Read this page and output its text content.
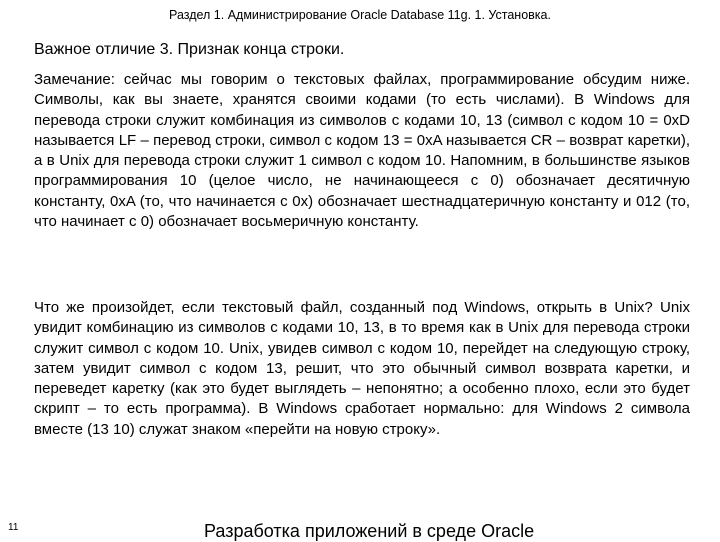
Раздел 1. Администрирование Oracle Database 11g. 1. Установка.
Важное отличие 3. Признак конца строки.
Замечание: сейчас мы говорим о текстовых файлах, программирование обсудим ниже. Символы, как вы знаете, хранятся своими кодами (то есть числами). В Windows для перевода строки служит комбинация из символов с кодами 10, 13 (символ с кодом 10 = 0xD называется LF – перевод строки, символ с кодом 13 = 0xA называется CR – возврат каретки), а в Unix для перевода строки служит 1 символ с кодом 10. Напомним, в большинстве языков программирования 10 (целое число, не начинающееся с 0) обозначает десятичную константу, 0xA (то, что начинается с 0x) обозначает шестнадцатеричную константу и 012 (то, что начинает с 0) обозначает восьмеричную константу.
Что же произойдет, если текстовый файл, созданный под Windows, открыть в Unix? Unix увидит комбинацию из символов с кодами 10, 13, в то время как в Unix для перевода строки служит символ с кодом 10. Unix, увидев символ с кодом 10, перейдет на следующую строку, затем увидит символ с кодом 13, решит, что это обычный символ возврата каретки, и переведет каретку (как это будет выглядеть – непонятно; а особенно плохо, если это будет скрипт – то есть программа). В Windows сработает нормально: для Windows 2 символа вместе (13 10) служат знаком «перейти на новую строку».
11	Разработка приложений в среде Oracle
